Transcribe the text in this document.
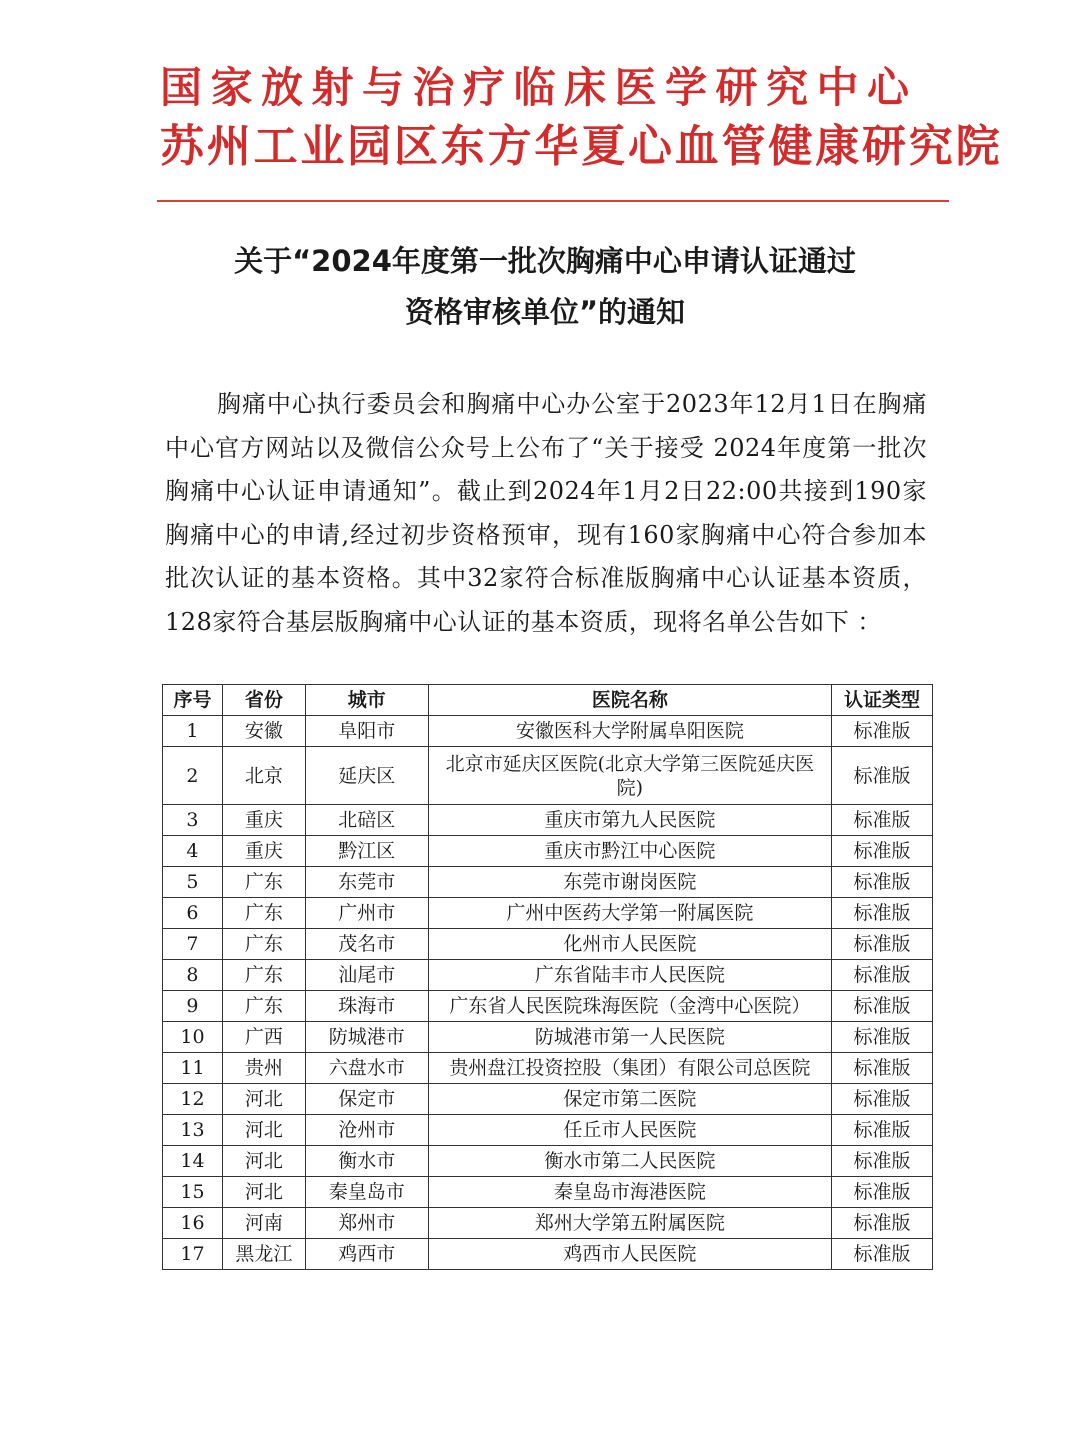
国家放射与治疗临床医学研究中心
苏州工业园区东方华夏心血管健康研究院
关于“2024年度第一批次胸痛中心申请认证通过
资格审核单位”的通知
胸痛中心执行委员会和胸痛中心办公室于2023年12月1日在胸痛中心官方网站以及微信公众号上公布了“关于接受 2024年度第一批次胸痛中心认证申请通知”。截止到2024年1月2日22:00共接到190家胸痛中心的申请,经过初步资格预审，现有160家胸痛中心符合参加本批次认证的基本资格。其中32家符合标准版胸痛中心认证基本资质，128家符合基层版胸痛中心认证的基本资质，现将名单公告如下 ：
序号	省份	城市	医院名称	认证类型
1	安徽	阜阳市	安徽医科大学附属阜阳医院	标准版
2	北京	延庆区	北京市延庆区医院(北京大学第三医院延庆医院)	标准版
3	重庆	北碚区	重庆市第九人民医院	标准版
4	重庆	黔江区	重庆市黔江中心医院	标准版
5	广东	东莞市	东莞市谢岗医院	标准版
6	广东	广州市	广州中医药大学第一附属医院	标准版
7	广东	茂名市	化州市人民医院	标准版
8	广东	汕尾市	广东省陆丰市人民医院	标准版
9	广东	珠海市	广东省人民医院珠海医院（金湾中心医院）	标准版
10	广西	防城港市	防城港市第一人民医院	标准版
11	贵州	六盘水市	贵州盘江投资控股（集团）有限公司总医院	标准版
12	河北	保定市	保定市第二医院	标准版
13	河北	沧州市	任丘市人民医院	标准版
14	河北	衡水市	衡水市第二人民医院	标准版
15	河北	秦皇岛市	秦皇岛市海港医院	标准版
16	河南	郑州市	郑州大学第五附属医院	标准版
17	黑龙江	鸡西市	鸡西市人民医院	标准版
